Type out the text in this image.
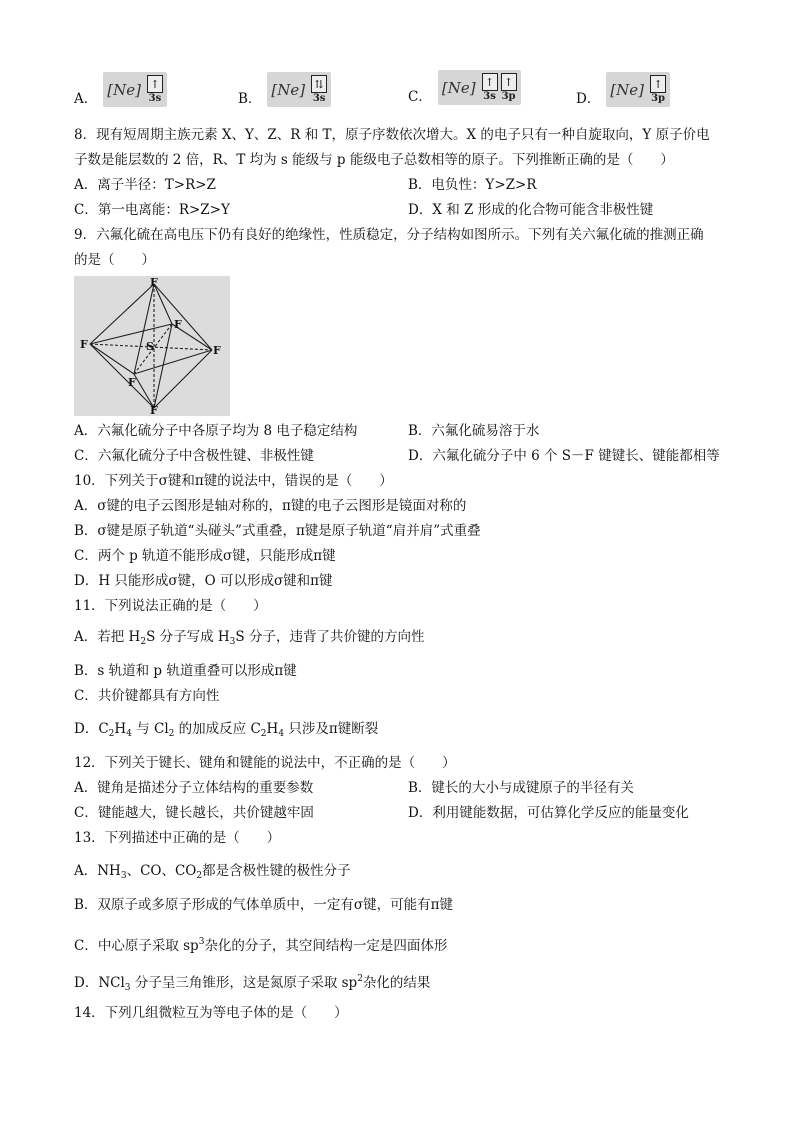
A．
[Ne] ↑
3s	B．
[Ne] ⇅
3s	C．
[Ne] ↑
3s
↑
3p	D．
[Ne] ↑
3p
8．现有短周期主族元素 X、Y、Z、R 和 T，原子序数依次增大。X 的电子只有一种自旋取向，Y 原子价电
子数是能层数的 2 倍，R、T 均为 s 能级与 p 能级电子总数相等的原子。下列推断正确的是（　　）
A．离子半径：T>R>Z	B．电负性：Y>Z>R
C．第一电离能：R>Z>Y	D．X 和 Z 形成的化合物可能含非极性键
9．六氟化硫在高电压下仍有良好的绝缘性，性质稳定，分子结构如图所示。下列有关六氟化硫的推测正确
的是（　　）
F
F
F	F
F
F
S
A．六氟化硫分子中各原子均为 8 电子稳定结构	B．六氟化硫易溶于水
C．六氟化硫分子中含极性键、非极性键	D．六氟化硫分子中 6 个 S－F 键键长、键能都相等
10．下列关于σ键和π键的说法中，错误的是（　　）
A．σ键的电子云图形是轴对称的，π键的电子云图形是镜面对称的
B．σ键是原子轨道“头碰头”式重叠，π键是原子轨道“肩并肩”式重叠
C．两个 p 轨道不能形成σ键，只能形成π键
D．H 只能形成σ键，O 可以形成σ键和π键
11．下列说法正确的是（　　）
A．若把 $H_2S$ 分子写成 $H_3S$ 分子，违背了共价键的方向性
B．s 轨道和 p 轨道重叠可以形成π键
C．共价键都具有方向性
D．$C_2H_4$ 与 $Cl_2$ 的加成反应 $C_2H_4$ 只涉及π键断裂
12．下列关于键长、键角和键能的说法中，不正确的是（　　）
A．键角是描述分子立体结构的重要参数	B．键长的大小与成键原子的半径有关
C．键能越大，键长越长，共价键越牢固	D．利用键能数据，可估算化学反应的能量变化
13．下列描述中正确的是（　　）
A．$NH_3$、CO、$CO_2$都是含极性键的极性分子
B．双原子或多原子形成的气体单质中，一定有σ键，可能有π键
C．中心原子采取 $sp^3$杂化的分子，其空间结构一定是四面体形
D．NCl$_3$ 分子呈三角锥形，这是氮原子采取 $sp^2$杂化的结果
14．下列几组微粒互为等电子体的是（　　）
